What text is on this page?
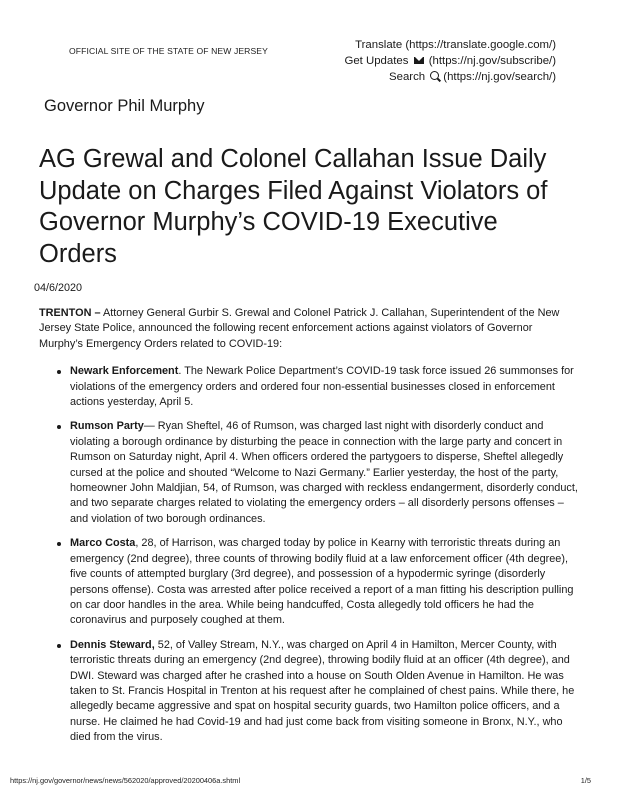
OFFICIAL SITE OF THE STATE OF NEW JERSEY	Translate (https://translate.google.com/)
Get Updates (https://nj.gov/subscribe/)
Search (https://nj.gov/search/)
Governor Phil Murphy
AG Grewal and Colonel Callahan Issue Daily Update on Charges Filed Against Violators of Governor Murphy’s COVID-19 Executive Orders
04/6/2020

TRENTON – Attorney General Gurbir S. Grewal and Colonel Patrick J. Callahan, Superintendent of the New Jersey State Police, announced the following recent enforcement actions against violators of Governor Murphy’s Emergency Orders related to COVID-19:

Newark Enforcement. The Newark Police Department’s COVID-19 task force issued 26 summonses for violations of the emergency orders and ordered four non-essential businesses closed in enforcement actions yesterday, April 5.
Rumson Party— Ryan Sheftel, 46 of Rumson, was charged last night with disorderly conduct and violating a borough ordinance by disturbing the peace in connection with the large party and concert in Rumson on Saturday night, April 4. When officers ordered the partygoers to disperse, Sheftel allegedly cursed at the police and shouted “Welcome to Nazi Germany.” Earlier yesterday, the host of the party, homeowner John Maldjian, 54, of Rumson, was charged with reckless endangerment, disorderly conduct, and two separate charges related to violating the emergency orders – all disorderly persons offenses – and violation of two borough ordinances.
Marco Costa, 28, of Harrison, was charged today by police in Kearny with terroristic threats during an emergency (2nd degree), three counts of throwing bodily fluid at a law enforcement officer (4th degree), five counts of attempted burglary (3rd degree), and possession of a hypodermic syringe (disorderly persons offense). Costa was arrested after police received a report of a man fitting his description pulling on car door handles in the area. While being handcuffed, Costa allegedly told officers he had the coronavirus and purposely coughed at them.
Dennis Steward, 52, of Valley Stream, N.Y., was charged on April 4 in Hamilton, Mercer County, with terroristic threats during an emergency (2nd degree), throwing bodily fluid at an officer (4th degree), and DWI. Steward was charged after he crashed into a house on South Olden Avenue in Hamilton. He was taken to St. Francis Hospital in Trenton at his request after he complained of chest pains. While there, he allegedly became aggressive and spat on hospital security guards, two Hamilton police officers, and a nurse. He claimed he had Covid-19 and had just come back from visiting someone in Bronx, N.Y., who died from the virus.
https://nj.gov/governor/news/news/562020/approved/20200406a.shtml	1/5
